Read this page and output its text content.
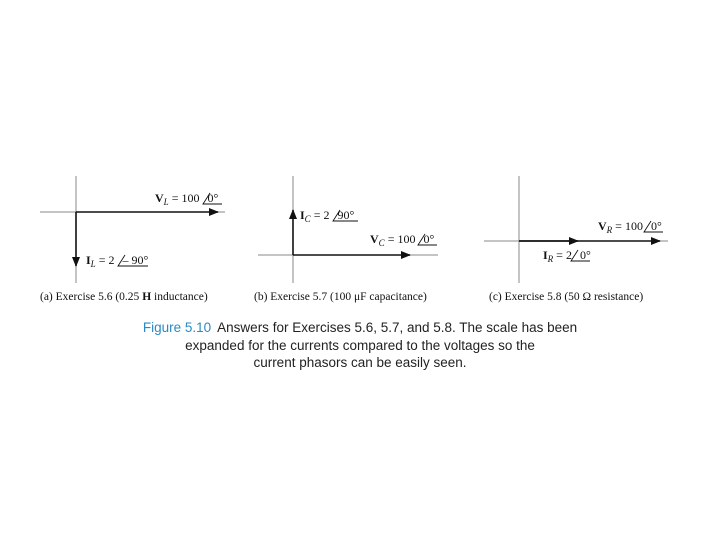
VL = 100 0°
IL = 2 – 90°
IC = 2 90°
VC = 100 0°
VR = 100 0°
IR = 2 0°
(a) Exercise 5.6 (0.25 H inductance)	(b) Exercise 5.7 (100 μF capacitance)	(c) Exercise 5.8 (50 Ω resistance)
Figure 5.10 Answers for Exercises 5.6, 5.7, and 5.8. The scale has been
expanded for the currents compared to the voltages so the
current phasors can be easily seen.
